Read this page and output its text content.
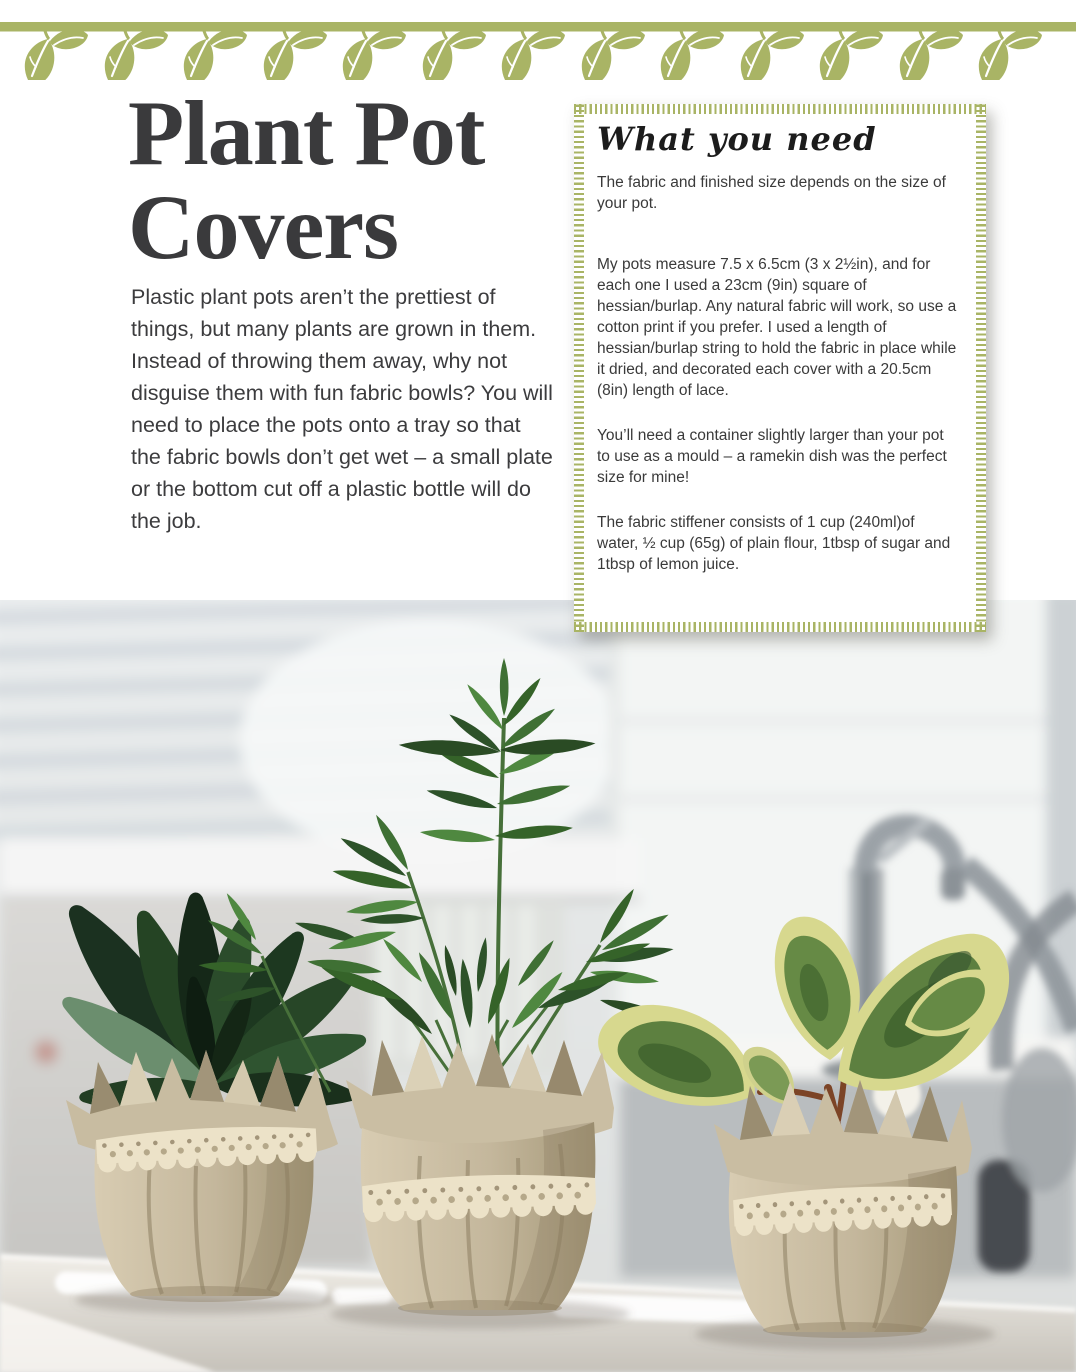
Plant Pot Covers

Plastic plant pots aren’t the prettiest of things, but many plants are grown in them. Instead of throwing them away, why not disguise them with fun fabric bowls? You will need to place the pots onto a tray so that the fabric bowls don’t get wet – a small plate or the bottom cut off a plastic bottle will do the job.

What you need

The fabric and finished size depends on the size of your pot.

My pots measure 7.5 x 6.5cm (3 x 2½in), and for each one I used a 23cm (9in) square of hessian/burlap. Any natural fabric will work, so use a cotton print if you prefer. I used a length of hessian/burlap string to hold the fabric in place while it dried, and decorated each cover with a 20.5cm (8in) length of lace.

You’ll need a container slightly larger than your pot to use as a mould – a ramekin dish was the perfect size for mine!

The fabric stiffener consists of 1 cup (240ml)of water, ½ cup (65g) of plain flour, 1tbsp of sugar and 1tbsp of lemon juice.
